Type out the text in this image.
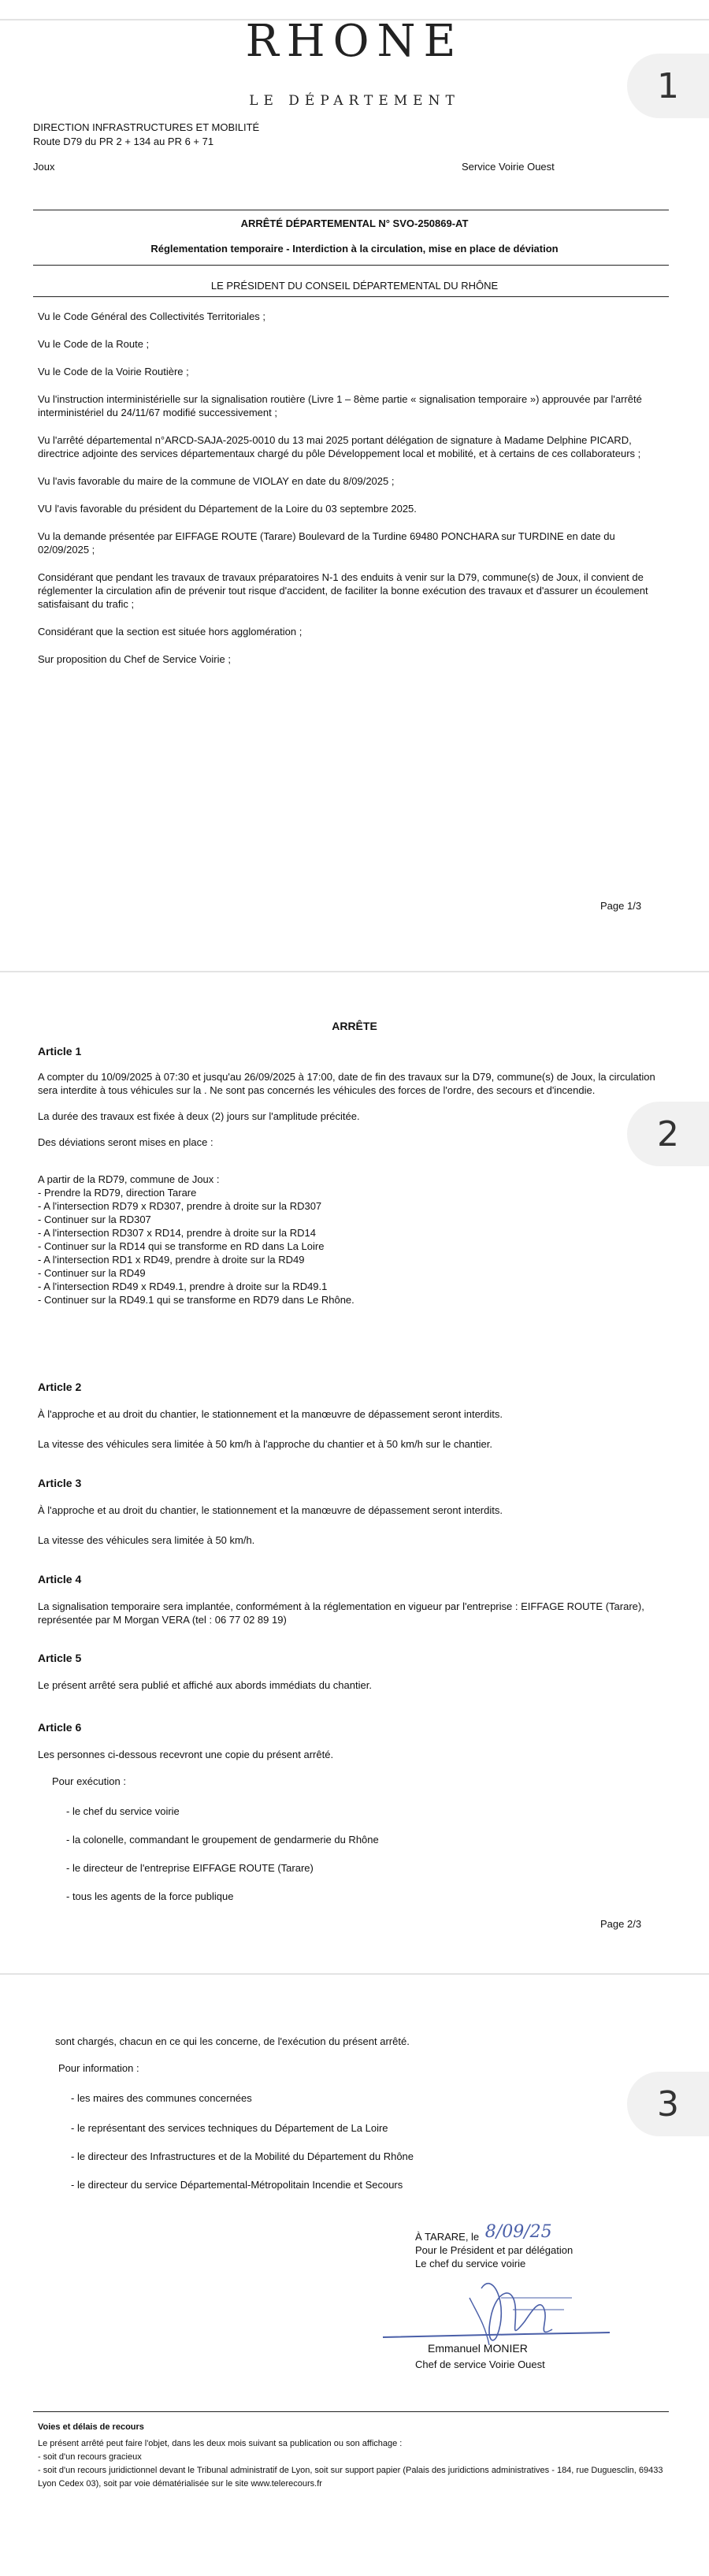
RHONE
LE DÉPARTEMENT	1

DIRECTION INFRASTRUCTURES ET MOBILITÉ

Route D79 du PR 2 + 134 au PR 6 + 71

Joux	Service Voirie Ouest

ARRÊTÉ DÉPARTEMENTAL N° SVO-250869-AT

Réglementation temporaire - Interdiction à la circulation, mise en place de déviation

LE PRÉSIDENT DU CONSEIL DÉPARTEMENTAL DU RHÔNE

Vu le Code Général des Collectivités Territoriales ;

Vu le Code de la Route ;

Vu le Code de la Voirie Routière ;

Vu l'instruction interministérielle sur la signalisation routière (Livre 1 – 8ème partie « signalisation temporaire ») approuvée par l'arrêté interministériel du 24/11/67 modifié successivement ;

Vu l'arrêté départemental n°ARCD-SAJA-2025-0010 du 13 mai 2025 portant délégation de signature à Madame Delphine PICARD, directrice adjointe des services départementaux chargé du pôle Développement local et mobilité, et à certains de ces collaborateurs ;

Vu l'avis favorable du maire de la commune de VIOLAY en date du 8/09/2025 ;

VU l'avis favorable du président du Département de la Loire du 03 septembre 2025.

Vu la demande présentée par EIFFAGE ROUTE (Tarare) Boulevard de la Turdine 69480 PONCHARA sur TURDINE en date du 02/09/2025 ;

Considérant que pendant les travaux de travaux préparatoires N-1 des enduits à venir sur la D79, commune(s) de Joux, il convient de réglementer la circulation afin de prévenir tout risque d'accident, de faciliter la bonne exécution des travaux et d'assurer un écoulement satisfaisant du trafic ;

Considérant que la section est située hors agglomération ;

Sur proposition du Chef de Service Voirie ;

Page 1/3

2

ARRÊTE

Article 1

A compter du 10/09/2025 à 07:30 et jusqu'au 26/09/2025 à 17:00, date de fin des travaux sur la D79, commune(s) de Joux, la circulation sera interdite à tous véhicules sur la . Ne sont pas concernés les véhicules des forces de l'ordre, des secours et d'incendie.

La durée des travaux est fixée à deux (2) jours sur l'amplitude précitée.

Des déviations seront mises en place :

A partir de la RD79, commune de Joux :
- Prendre la RD79, direction Tarare
- A l'intersection RD79 x RD307, prendre à droite sur la RD307
- Continuer sur la RD307
- A l'intersection RD307 x RD14, prendre à droite sur la RD14
- Continuer sur la RD14 qui se transforme en RD dans La Loire
- A l'intersection RD1 x RD49, prendre à droite sur la RD49
- Continuer sur la RD49
- A l'intersection RD49 x RD49.1, prendre à droite sur la RD49.1
- Continuer sur la RD49.1 qui se transforme en RD79 dans Le Rhône.
Article 2

À l'approche et au droit du chantier, le stationnement et la manœuvre de dépassement seront interdits.

La vitesse des véhicules sera limitée à 50 km/h à l'approche du chantier et à 50 km/h sur le chantier.

Article 3

À l'approche et au droit du chantier, le stationnement et la manœuvre de dépassement seront interdits.

La vitesse des véhicules sera limitée à 50 km/h.

Article 4

La signalisation temporaire sera implantée, conformément à la réglementation en vigueur par l'entreprise : EIFFAGE ROUTE (Tarare), représentée par M Morgan VERA (tel : 06 77 02 89 19)

Article 5

Le présent arrêté sera publié et affiché aux abords immédiats du chantier.

Article 6

Les personnes ci-dessous recevront une copie du présent arrêté.

Pour exécution :

- le chef du service voirie

- la colonelle, commandant le groupement de gendarmerie du Rhône

- le directeur de l'entreprise EIFFAGE ROUTE (Tarare)

- tous les agents de la force publique

Page 2/3

3

sont chargés, chacun en ce qui les concerne, de l'exécution du présent arrêté.

Pour information :

- les maires des communes concernées

- le représentant des services techniques du Département de La Loire

- le directeur des Infrastructures et de la Mobilité du Département du Rhône

- le directeur du service Départemental-Métropolitain Incendie et Secours

À TARARE, le 8/09/25

Pour le Président et par délégation

Le chef du service voirie

Emmanuel MONIER

Chef de service Voirie Ouest

Voies et délais de recours

Le présent arrêté peut faire l'objet, dans les deux mois suivant sa publication ou son affichage :

- soit d'un recours gracieux

- soit d'un recours juridictionnel devant le Tribunal administratif de Lyon, soit sur support papier (Palais des juridictions administratives - 184, rue Duguesclin, 69433 Lyon Cedex 03), soit par voie dématérialisée sur le site www.telerecours.fr
